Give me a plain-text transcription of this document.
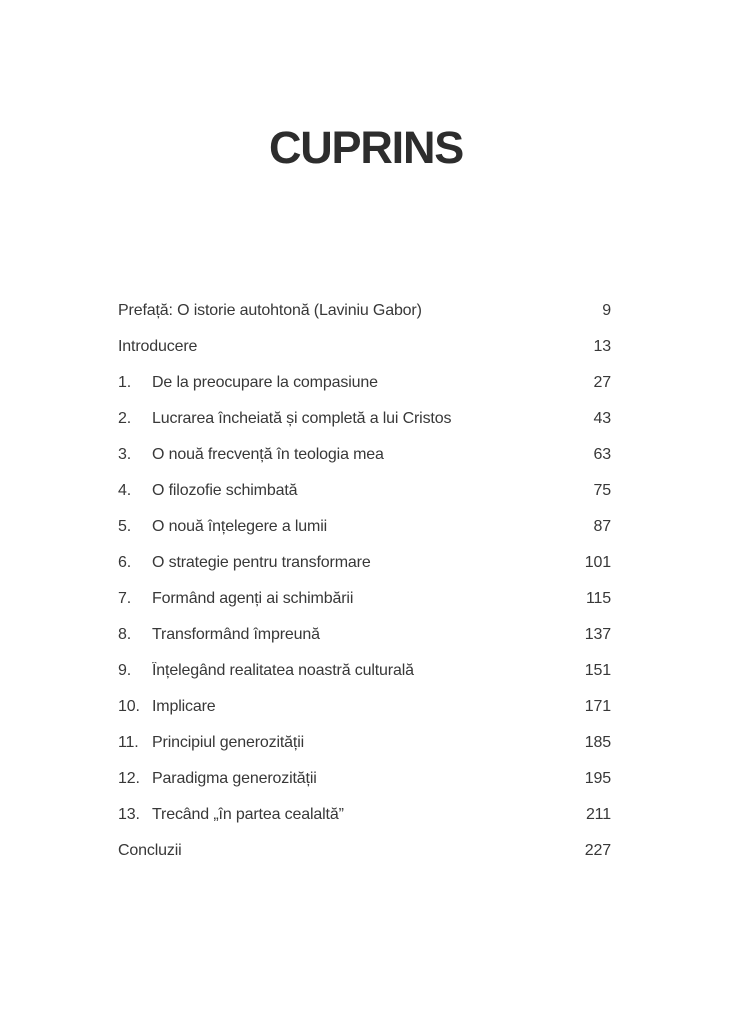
CUPRINS
Prefață: O istorie autohtonă (Laviniu Gabor)	9
Introducere	13
1.	De la preocupare la compasiune	27
2.	Lucrarea încheiată și completă a lui Cristos	43
3.	O nouă frecvență în teologia mea	63
4.	O filozofie schimbată	75
5.	O nouă înțelegere a lumii	87
6.	O strategie pentru transformare	101
7.	Formând agenți ai schimbării	115
8.	Transformând împreună	137
9.	Înțelegând realitatea noastră culturală	151
10. Implicare	171
11. Principiul generozității	185
12. Paradigma generozității	195
13. Trecând „în partea cealaltă”	211
Concluzii	227
